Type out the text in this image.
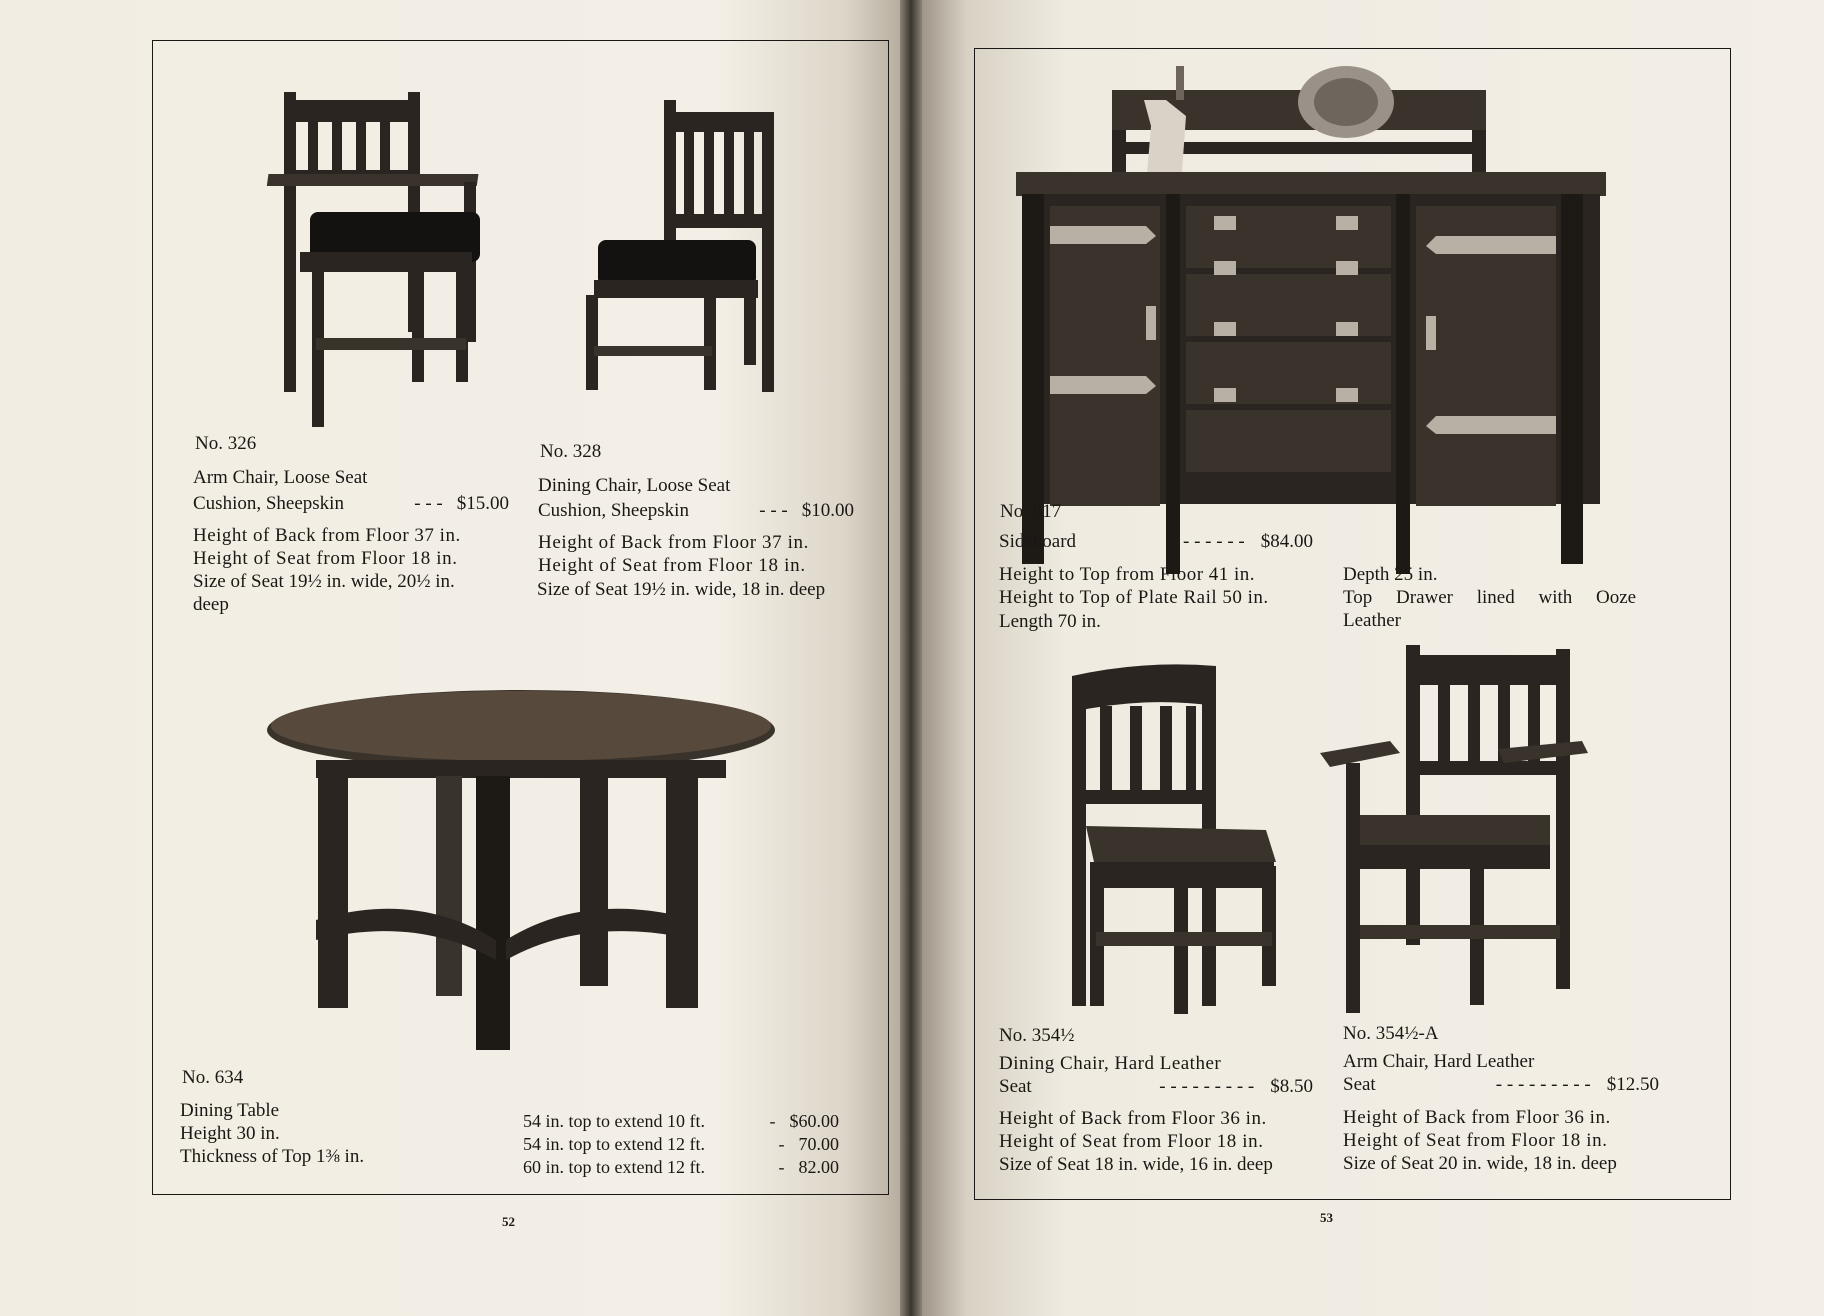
No. 326
Arm Chair, Loose Seat
Cushion, Sheepskin	- - - $15.00
Height of Back from Floor 37 in.
Height of Seat from Floor 18 in.
Size of Seat 19½ in. wide, 20½ in.
deep
No. 328
Dining Chair, Loose Seat
Cushion, Sheepskin	- - - $10.00
Height of Back from Floor 37 in.
Height of Seat from Floor 18 in.
Size of Seat 19½ in. wide, 18 in. deep
No. 634
Dining Table
Height 30 in.
Thickness of Top 1⅜ in.
54 in. top to extend 10 ft.	- $60.00
54 in. top to extend 12 ft.	- 70.00
60 in. top to extend 12 ft.	- 82.00
52
No. 817
Sideboard	- - - - - - $84.00
Height to Top from Floor 41 in.
Height to Top of Plate Rail 50 in.
Length 70 in.
Depth 25 in.
Top Drawer lined with Ooze
Leather
No. 354½
Dining Chair, Hard Leather
Seat	- - - - - - - - - $8.50
Height of Back from Floor 36 in.
Height of Seat from Floor 18 in.
Size of Seat 18 in. wide, 16 in. deep
No. 354½-A
Arm Chair, Hard Leather
Seat	- - - - - - - - - $12.50
Height of Back from Floor 36 in.
Height of Seat from Floor 18 in.
Size of Seat 20 in. wide, 18 in. deep
53
